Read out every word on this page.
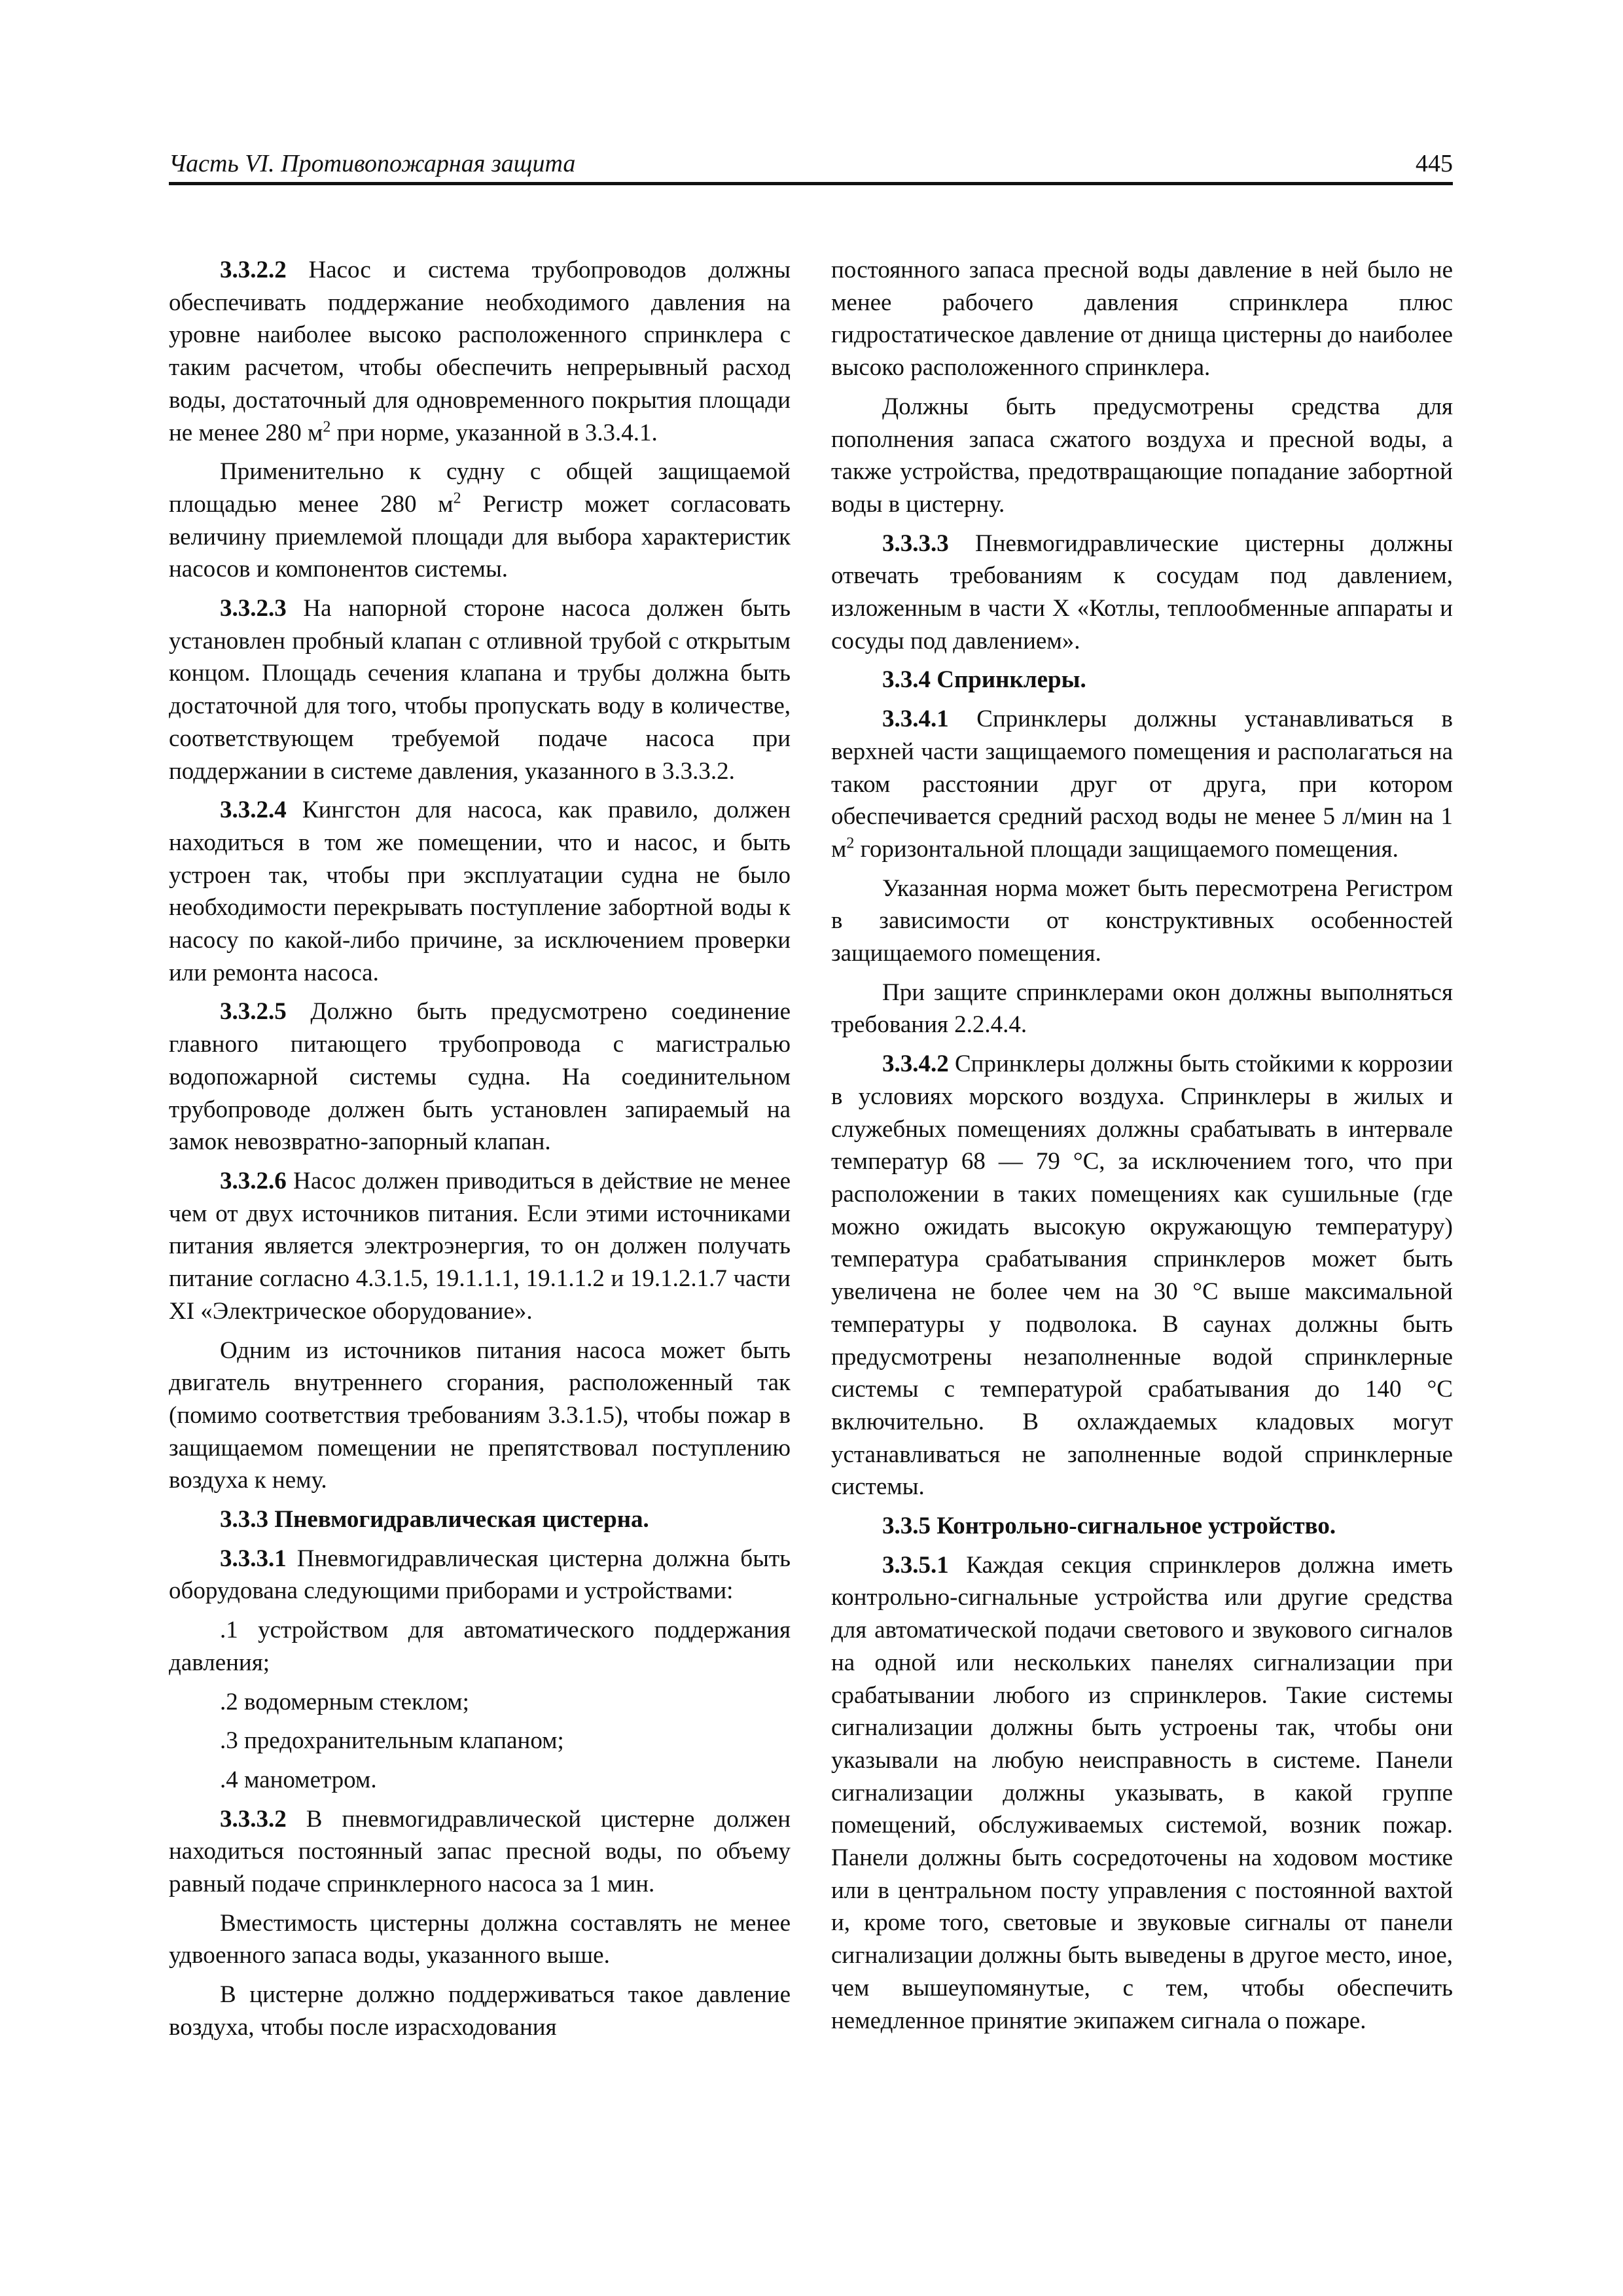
Часть VI. Противопожарная защита	445

3.3.2.2 Насос и система трубопроводов должны обеспечивать поддержание необходимого давления на уровне наиболее высоко расположенного спринклера с таким расчетом, чтобы обеспечить непрерывный расход воды, достаточный для одновременного покрытия площади не менее 280 $м^2$ при норме, указанной в 3.3.4.1.

Применительно к судну с общей защищаемой площадью менее 280 $м^2$ Регистр может согласовать величину приемлемой площади для выбора характеристик насосов и компонентов системы.

3.3.2.3 На напорной стороне насоса должен быть установлен пробный клапан с отливной трубой с открытым концом. Площадь сечения клапана и трубы должна быть достаточной для того, чтобы пропускать воду в количестве, соответствующем требуемой подаче насоса при поддержании в системе давления, указанного в 3.3.3.2.

3.3.2.4 Кингстон для насоса, как правило, должен находиться в том же помещении, что и насос, и быть устроен так, чтобы при эксплуатации судна не было необходимости перекрывать поступление забортной воды к насосу по какой-либо причине, за исключением проверки или ремонта насоса.

3.3.2.5 Должно быть предусмотрено соединение главного питающего трубопровода с магистралью водопожарной системы судна. На соединительном трубопроводе должен быть установлен запираемый на замок невозвратно-запорный клапан.

3.3.2.6 Насос должен приводиться в действие не менее чем от двух источников питания. Если этими источниками питания является электроэнергия, то он должен получать питание согласно 4.3.1.5, 19.1.1.1, 19.1.1.2 и 19.1.2.1.7 части XI «Электрическое оборудование».

Одним из источников питания насоса может быть двигатель внутреннего сгорания, расположенный так (помимо соответствия требованиям 3.3.1.5), чтобы пожар в защищаемом помещении не препятствовал поступлению воздуха к нему.

3.3.3 Пневмогидравлическая цистерна.

3.3.3.1 Пневмогидравлическая цистерна должна быть оборудована следующими приборами и устройствами:

.1 устройством для автоматического поддержания давления;

.2 водомерным стеклом;

.3 предохранительным клапаном;

.4 манометром.

3.3.3.2 В пневмогидравлической цистерне должен находиться постоянный запас пресной воды, по объему равный подаче спринклерного насоса за 1 мин.

Вместимость цистерны должна составлять не менее удвоенного запаса воды, указанного выше.

В цистерне должно поддерживаться такое давление воздуха, чтобы после израсходования

постоянного запаса пресной воды давление в ней было не менее рабочего давления спринклера плюс гидростатическое давление от днища цистерны до наиболее высоко расположенного спринклера.

Должны быть предусмотрены средства для пополнения запаса сжатого воздуха и пресной воды, а также устройства, предотвращающие попадание забортной воды в цистерну.

3.3.3.3 Пневмогидравлические цистерны должны отвечать требованиям к сосудам под давлением, изложенным в части X «Котлы, теплообменные аппараты и сосуды под давлением».

3.3.4 Спринклеры.

3.3.4.1 Спринклеры должны устанавливаться в верхней части защищаемого помещения и располагаться на таком расстоянии друг от друга, при котором обеспечивается средний расход воды не менее 5 л/мин на 1 $м^2$ горизонтальной площади защищаемого помещения.

Указанная норма может быть пересмотрена Регистром в зависимости от конструктивных особенностей защищаемого помещения.

При защите спринклерами окон должны выполняться требования 2.2.4.4.

3.3.4.2 Спринклеры должны быть стойкими к коррозии в условиях морского воздуха. Спринклеры в жилых и служебных помещениях должны срабатывать в интервале температур 68 — 79 °С, за исключением того, что при расположении в таких помещениях как сушильные (где можно ожидать высокую окружающую температуру) температура срабатывания спринклеров может быть увеличена не более чем на 30 °С выше максимальной температуры у подволока. В саунах должны быть предусмотрены незаполненные водой спринклерные системы с температурой срабатывания до 140 °С включительно. В охлаждаемых кладовых могут устанавливаться не заполненные водой спринклерные системы.

3.3.5 Контрольно-сигнальное устройство.

3.3.5.1 Каждая секция спринклеров должна иметь контрольно-сигнальные устройства или другие средства для автоматической подачи светового и звукового сигналов на одной или нескольких панелях сигнализации при срабатывании любого из спринклеров. Такие системы сигнализации должны быть устроены так, чтобы они указывали на любую неисправность в системе. Панели сигнализации должны указывать, в какой группе помещений, обслуживаемых системой, возник пожар. Панели должны быть сосредоточены на ходовом мостике или в центральном посту управления с постоянной вахтой и, кроме того, световые и звуковые сигналы от панели сигнализации должны быть выведены в другое место, иное, чем вышеупомянутые, с тем, чтобы обеспечить немедленное принятие экипажем сигнала о пожаре.
